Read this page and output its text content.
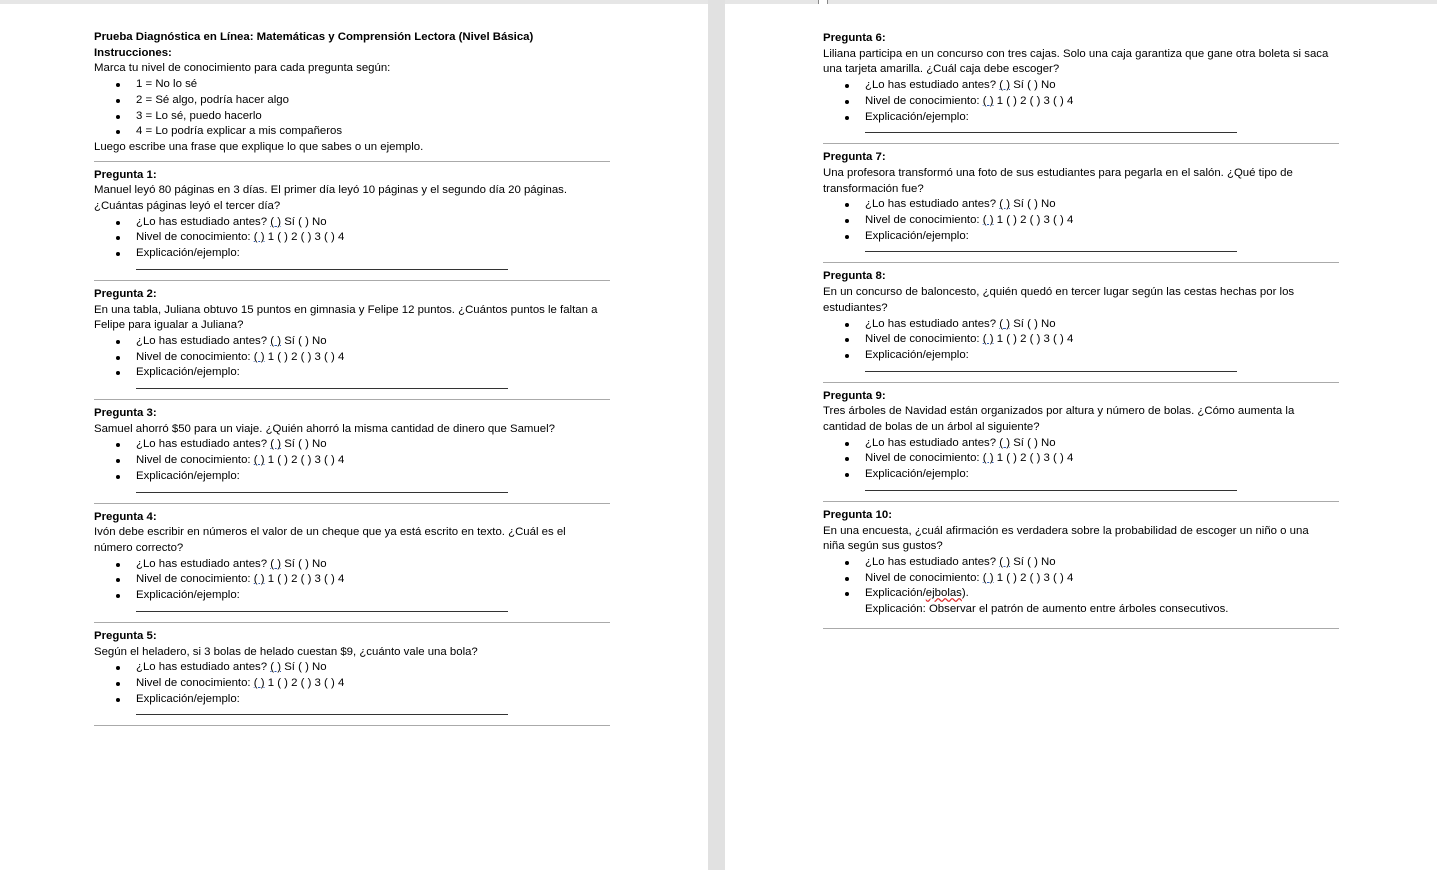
Prueba Diagnóstica en Línea: Matemáticas y Comprensión Lectora (Nivel Básica)
Instrucciones:
Marca tu nivel de conocimiento para cada pregunta según:
1 = No lo sé
2 = Sé algo, podría hacer algo
3 = Lo sé, puedo hacerlo
4 = Lo podría explicar a mis compañeros
Luego escribe una frase que explique lo que sabes o un ejemplo.
Pregunta 1:
Manuel leyó 80 páginas en 3 días. El primer día leyó 10 páginas y el segundo día 20 páginas.
¿Cuántas páginas leyó el tercer día?
¿Lo has estudiado antes? ( ) Sí ( ) No
Nivel de conocimiento: ( ) 1 ( ) 2 ( ) 3 ( ) 4
Explicación/ejemplo:
Pregunta 2:
En una tabla, Juliana obtuvo 15 puntos en gimnasia y Felipe 12 puntos. ¿Cuántos puntos le faltan a
Felipe para igualar a Juliana?
¿Lo has estudiado antes? ( ) Sí ( ) No
Nivel de conocimiento: ( ) 1 ( ) 2 ( ) 3 ( ) 4
Explicación/ejemplo:
Pregunta 3:
Samuel ahorró $50 para un viaje. ¿Quién ahorró la misma cantidad de dinero que Samuel?
¿Lo has estudiado antes? ( ) Sí ( ) No
Nivel de conocimiento: ( ) 1 ( ) 2 ( ) 3 ( ) 4
Explicación/ejemplo:
Pregunta 4:
Ivón debe escribir en números el valor de un cheque que ya está escrito en texto. ¿Cuál es el
número correcto?
¿Lo has estudiado antes? ( ) Sí ( ) No
Nivel de conocimiento: ( ) 1 ( ) 2 ( ) 3 ( ) 4
Explicación/ejemplo:
Pregunta 5:
Según el heladero, si 3 bolas de helado cuestan $9, ¿cuánto vale una bola?
¿Lo has estudiado antes? ( ) Sí ( ) No
Nivel de conocimiento: ( ) 1 ( ) 2 ( ) 3 ( ) 4
Explicación/ejemplo:
Pregunta 6:
Liliana participa en un concurso con tres cajas. Solo una caja garantiza que gane otra boleta si saca
una tarjeta amarilla. ¿Cuál caja debe escoger?
¿Lo has estudiado antes? ( ) Sí ( ) No
Nivel de conocimiento: ( ) 1 ( ) 2 ( ) 3 ( ) 4
Explicación/ejemplo:
Pregunta 7:
Una profesora transformó una foto de sus estudiantes para pegarla en el salón. ¿Qué tipo de
transformación fue?
¿Lo has estudiado antes? ( ) Sí ( ) No
Nivel de conocimiento: ( ) 1 ( ) 2 ( ) 3 ( ) 4
Explicación/ejemplo:
Pregunta 8:
En un concurso de baloncesto, ¿quién quedó en tercer lugar según las cestas hechas por los
estudiantes?
¿Lo has estudiado antes? ( ) Sí ( ) No
Nivel de conocimiento: ( ) 1 ( ) 2 ( ) 3 ( ) 4
Explicación/ejemplo:
Pregunta 9:
Tres árboles de Navidad están organizados por altura y número de bolas. ¿Cómo aumenta la
cantidad de bolas de un árbol al siguiente?
¿Lo has estudiado antes? ( ) Sí ( ) No
Nivel de conocimiento: ( ) 1 ( ) 2 ( ) 3 ( ) 4
Explicación/ejemplo:
Pregunta 10:
En una encuesta, ¿cuál afirmación es verdadera sobre la probabilidad de escoger un niño o una
niña según sus gustos?
¿Lo has estudiado antes? ( ) Sí ( ) No
Nivel de conocimiento: ( ) 1 ( ) 2 ( ) 3 ( ) 4
Explicación/ejbolas).
Explicación: Observar el patrón de aumento entre árboles consecutivos.
